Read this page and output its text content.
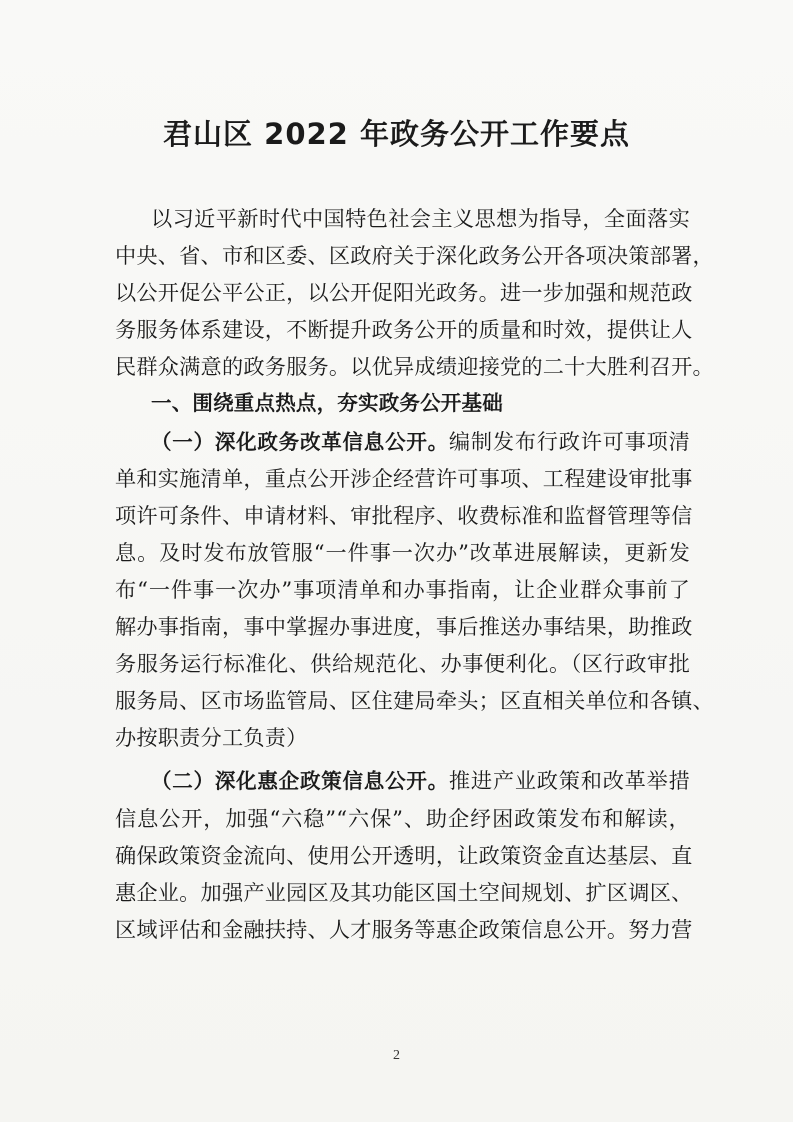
君山区 2022 年政务公开工作要点
以习近平新时代中国特色社会主义思想为指导，全面落实
中央、省、市和区委、区政府关于深化政务公开各项决策部署，
以公开促公平公正，以公开促阳光政务。进一步加强和规范政
务服务体系建设，不断提升政务公开的质量和时效，提供让人
民群众满意的政务服务。以优异成绩迎接党的二十大胜利召开。
一、围绕重点热点，夯实政务公开基础
（一）深化政务改革信息公开。编制发布行政许可事项清
单和实施清单，重点公开涉企经营许可事项、工程建设审批事
项许可条件、申请材料、审批程序、收费标准和监督管理等信
息。及时发布放管服“一件事一次办”改革进展解读，更新发
布“一件事一次办”事项清单和办事指南，让企业群众事前了
解办事指南，事中掌握办事进度，事后推送办事结果，助推政
务服务运行标准化、供给规范化、办事便利化。（区行政审批
服务局、区市场监管局、区住建局牵头；区直相关单位和各镇、
办按职责分工负责）
（二）深化惠企政策信息公开。推进产业政策和改革举措
信息公开，加强“六稳”“六保”、助企纾困政策发布和解读，
确保政策资金流向、使用公开透明，让政策资金直达基层、直
惠企业。加强产业园区及其功能区国土空间规划、扩区调区、
区域评估和金融扶持、人才服务等惠企政策信息公开。努力营
2
